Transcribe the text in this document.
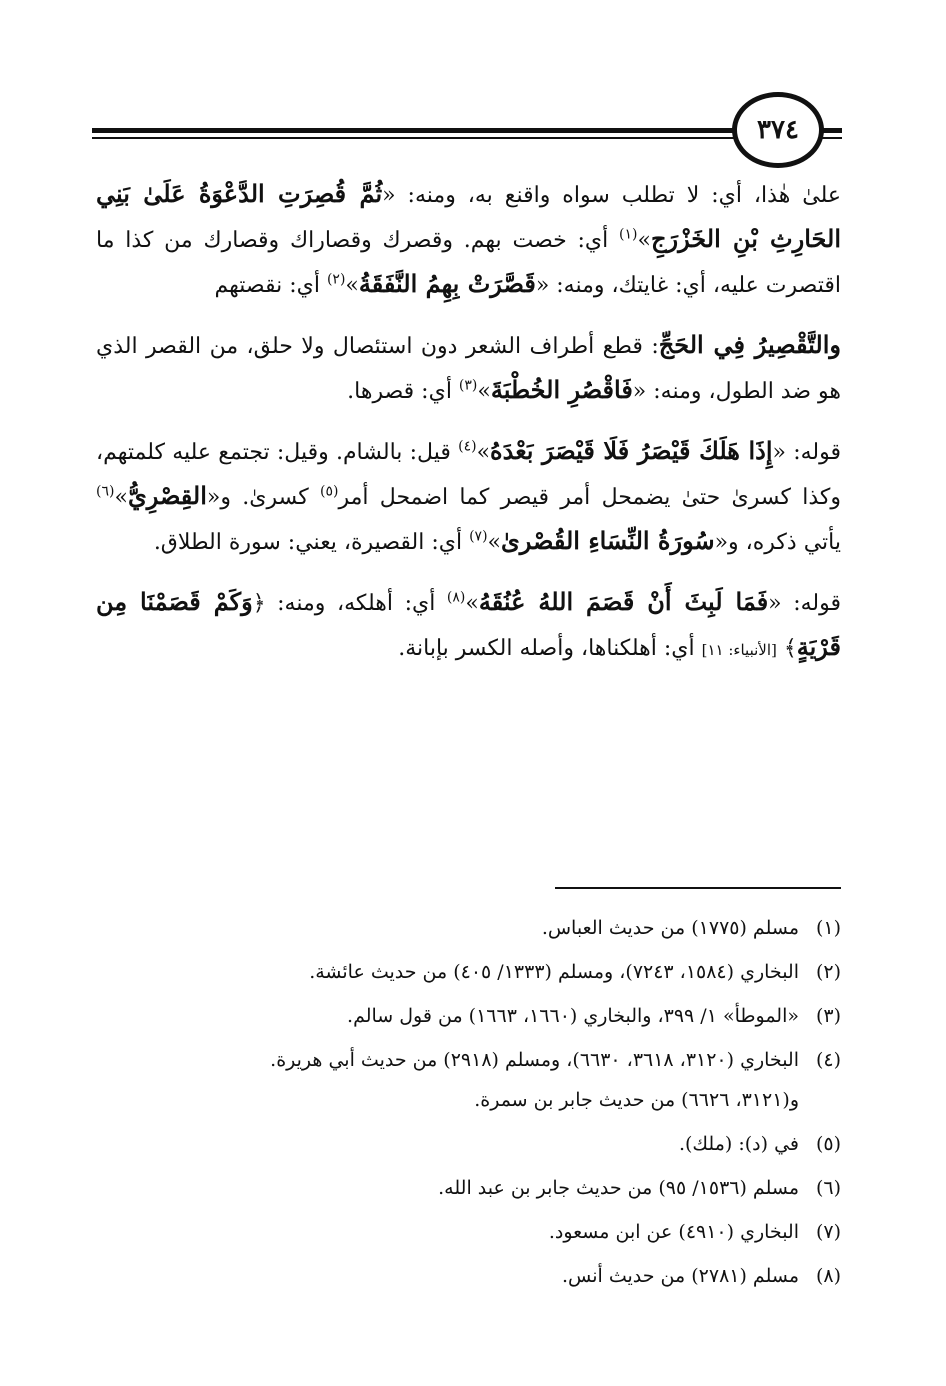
٣٧٤

علىٰ هٰذا، أي: لا تطلب سواه واقنع به، ومنه: «ثُمَّ قُصِرَتِ الدَّعْوَةُ عَلَىٰ بَنِي الحَارِثِ بْنِ الخَزْرَجِ»$^{(١)}$ أي: خصت بهم. وقصرك وقصاراك وقصارك من كذا ما اقتصرت عليه، أي: غايتك، ومنه: «قَصَّرَتْ بِهِمُ النَّفَقَةُ»$^{(٢)}$ أي: نقصتهم

والتَّقْصِيرُ فِي الحَجِّ: قطع أطراف الشعر دون استئصال ولا حلق، من القصر الذي هو ضد الطول، ومنه: «فَاقْصُرِ الخُطْبَةَ»$^{(٣)}$ أي: قصرها.

قوله: «إِذَا هَلَكَ قَيْصَرُ فَلَا قَيْصَرَ بَعْدَهُ»$^{(٤)}$ قيل: بالشام. وقيل: تجتمع عليه كلمتهم، وكذا كسرىٰ حتىٰ يضمحل أمر قيصر كما اضمحل أمر$^{(٥)}$ كسرىٰ. و«القِصْرِيُّ»$^{(٦)}$ يأتي ذكره، و«سُورَةُ النِّسَاءِ القُصْرىٰ»$^{(٧)}$ أي: القصيرة، يعني: سورة الطلاق.

قوله: «فَمَا لَبِثَ أَنْ قَصَمَ اللهُ عُنُقَهُ»$^{(٨)}$ أي: أهلكه، ومنه: ﴿وَكَمْ قَصَمْنَا مِن قَرْيَةٍ﴾ [الأنبياء: ١١] أي: أهلكناها، وأصله الكسر بإبانة.

(١)مسلم (١٧٧٥) من حديث العباس.
(٢)البخاري (١٥٨٤، ٧٢٤٣)، ومسلم (١٣٣٣/ ٤٠٥) من حديث عائشة.
(٣)«الموطأ» ١/ ٣٩٩، والبخاري (١٦٦٠، ١٦٦٣) من قول سالم.
(٤)البخاري (٣١٢٠، ٣٦١٨، ٦٦٣٠)، ومسلم (٢٩١٨) من حديث أبي هريرة.
و(٣١٢١، ٦٦٢٦) من حديث جابر بن سمرة.
(٥)في (د): (ملك).
(٦)مسلم (١٥٣٦/ ٩٥) من حديث جابر بن عبد الله.
(٧)البخاري (٤٩١٠) عن ابن مسعود.
(٨)مسلم (٢٧٨١) من حديث أنس.
